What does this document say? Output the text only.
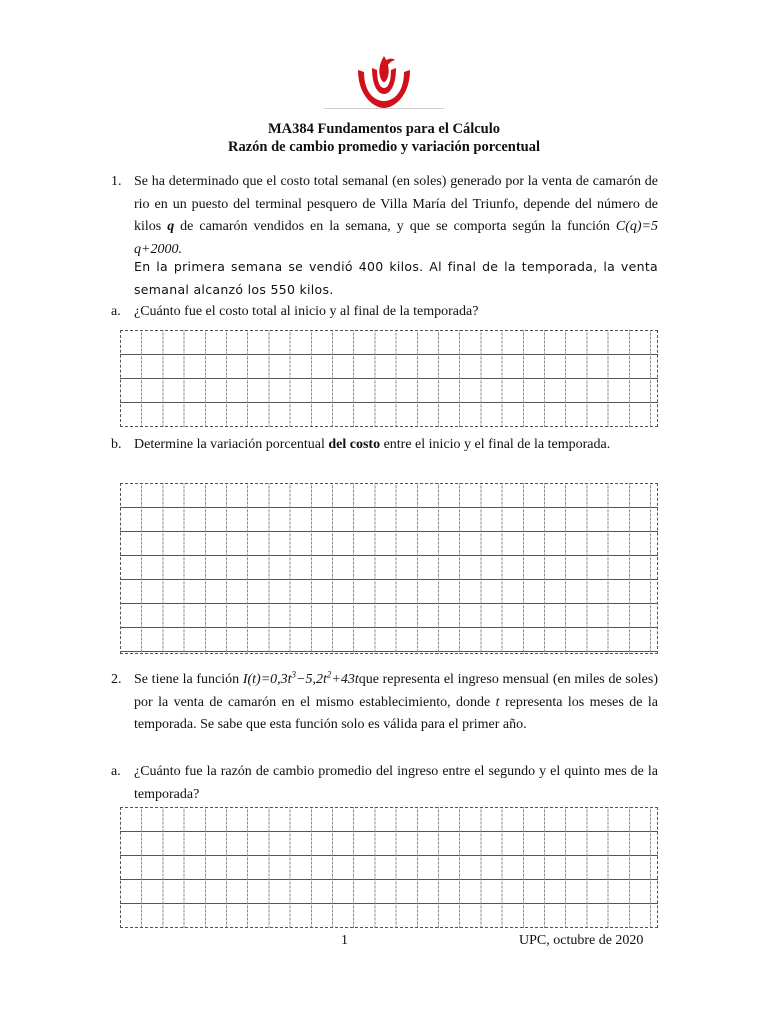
MA384 Fundamentos para el Cálculo
Razón de cambio promedio y variación porcentual
1. Se ha determinado que el costo total semanal (en soles) generado por la venta de camarón de rio en un puesto del terminal pesquero de Villa María del Triunfo, depende del número de kilos q de camarón vendidos en la semana, y que se comporta según la función C(q)=5 q+2000.
En la primera semana se vendió 400 kilos. Al final de la temporada, la venta semanal alcanzó los 550 kilos.
a. ¿Cuánto fue el costo total al inicio y al final de la temporada?
b. Determine la variación porcentual del costo entre el inicio y el final de la temporada.
2. Se tiene la función $I(t)=0,3t^3-5,2t^2+43tque$ representa el ingreso mensual (en miles de soles) por la venta de camarón en el mismo establecimiento, donde t representa los meses de la temporada. Se sabe que esta función solo es válida para el primer año.
a. ¿Cuánto fue la razón de cambio promedio del ingreso entre el segundo y el quinto mes de la temporada?
1	UPC, octubre de 2020
